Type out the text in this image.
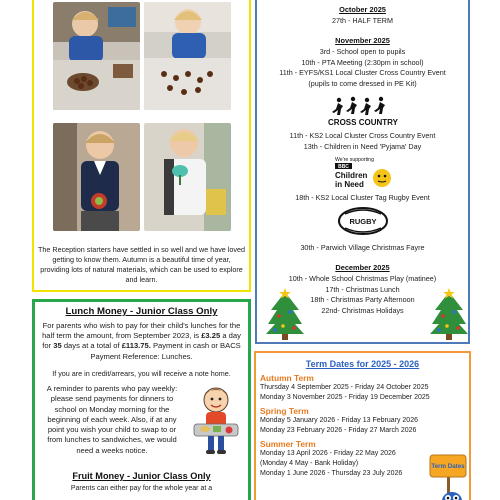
The Reception starters have settled in so well and we have loved getting to know them. Autumn is a beautiful time of year, providing lots of natural materials, which can be used to explore and learn.

Lunch Money - Junior Class Only

For parents who wish to pay for their child's lunches for the half term the amount, from September 2023, is £3.25 a day for 35 days at a total of £113.75. Payment in cash or BACS Payment Reference: Lunches.

If you are in credit/arrears, you will receive a note home.

A reminder to parents who pay weekly: please send payments for dinners to school on Monday morning for the beginning of each week. Also, if at any point you wish your child to swap to or from lunches to sandwiches, we would need a weeks notice.

Fruit Money - Junior Class Only

Parents can either pay for the whole year at a

October 2025
27th - HALF TERM
November 2025
3rd - School open to pupils
10th - PTA Meeting (2:30pm in school)
11th - EYFS/KS1 Local Cluster Cross Country Event
(pupils to come dressed in PE Kit)
CROSS COUNTRY
11th - KS2 Local Cluster Cross Country Event
13th - Children in Need 'Pyjama' Day
We're supporting
BBC
Children
in Need
18th - KS2 Local Cluster Tag Rugby Event
RUGBY
30th - Parwich Village Christmas Fayre
December 2025
10th - Whole School Christmas Play (matinee)
17th - Christmas Lunch
18th - Christmas Party Afternoon
22nd- Christmas Holidays
Term Dates for 2025 - 2026
Autumn Term
Thursday 4 September 2025 - Friday 24 October 2025
Monday 3 November 2025 - Friday 19 December 2025
Spring Term
Monday 5 January 2026 - Friday 13 February 2026
Monday 23 February 2026 - Friday 27 March 2026
Summer Term
Monday 13 April 2026 - Friday 22 May 2026
(Monday 4 May - Bank Holiday)
Monday 1 June 2026 - Thursday 23 July 2026
Term Dates
